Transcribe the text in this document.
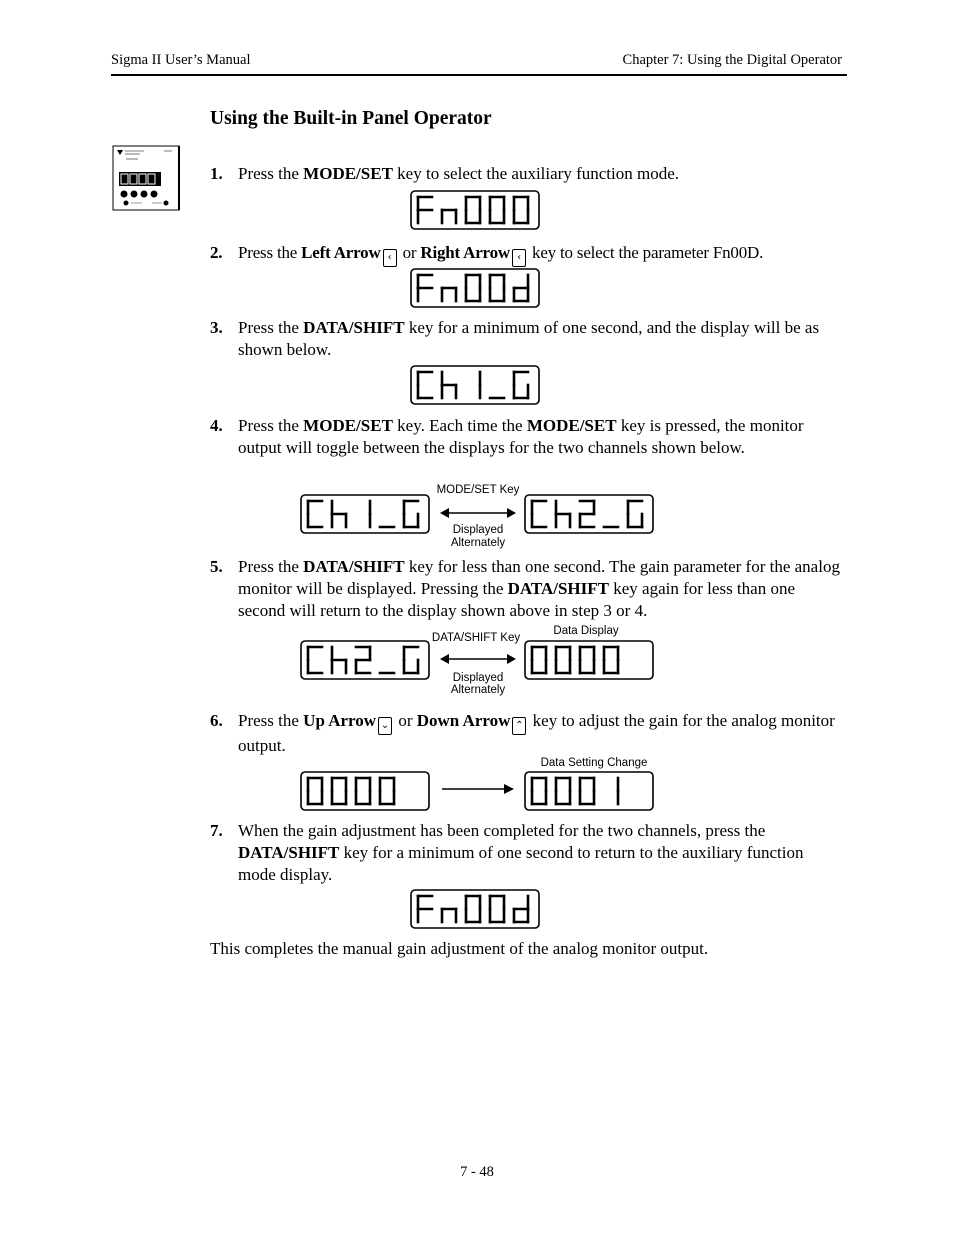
Sigma II User’s Manual	Chapter 7: Using the Digital Operator
Using the Built-in Panel Operator
1. Press the MODE/SET key to select the auxiliary function mode.
2. Press the Left Arrow ‹ or Right Arrow ‹ key to select the parameter Fn00D.
3. Press the DATA/SHIFT key for a minimum of one second, and the display will be as shown below.
4. Press the MODE/SET key. Each time the MODE/SET key is pressed, the monitor output will toggle between the displays for the two channels shown below.
MODE/SET Key
Displayed
Alternately
5. Press the DATA/SHIFT key for less than one second. The gain parameter for the analog monitor will be displayed. Pressing the DATA/SHIFT key again for less than one second will return to the display shown above in step 3 or 4.
DATA/SHIFT Key
Displayed
Alternately
Data Display
6. Press the Up Arrow ⌄ or Down Arrow ⌃ key to adjust the gain for the analog monitor output.
Data Setting Change
7. When the gain adjustment has been completed for the two channels, press the DATA/SHIFT key for a minimum of one second to return to the auxiliary function mode display.
This completes the manual gain adjustment of the analog monitor output.
7 - 48
